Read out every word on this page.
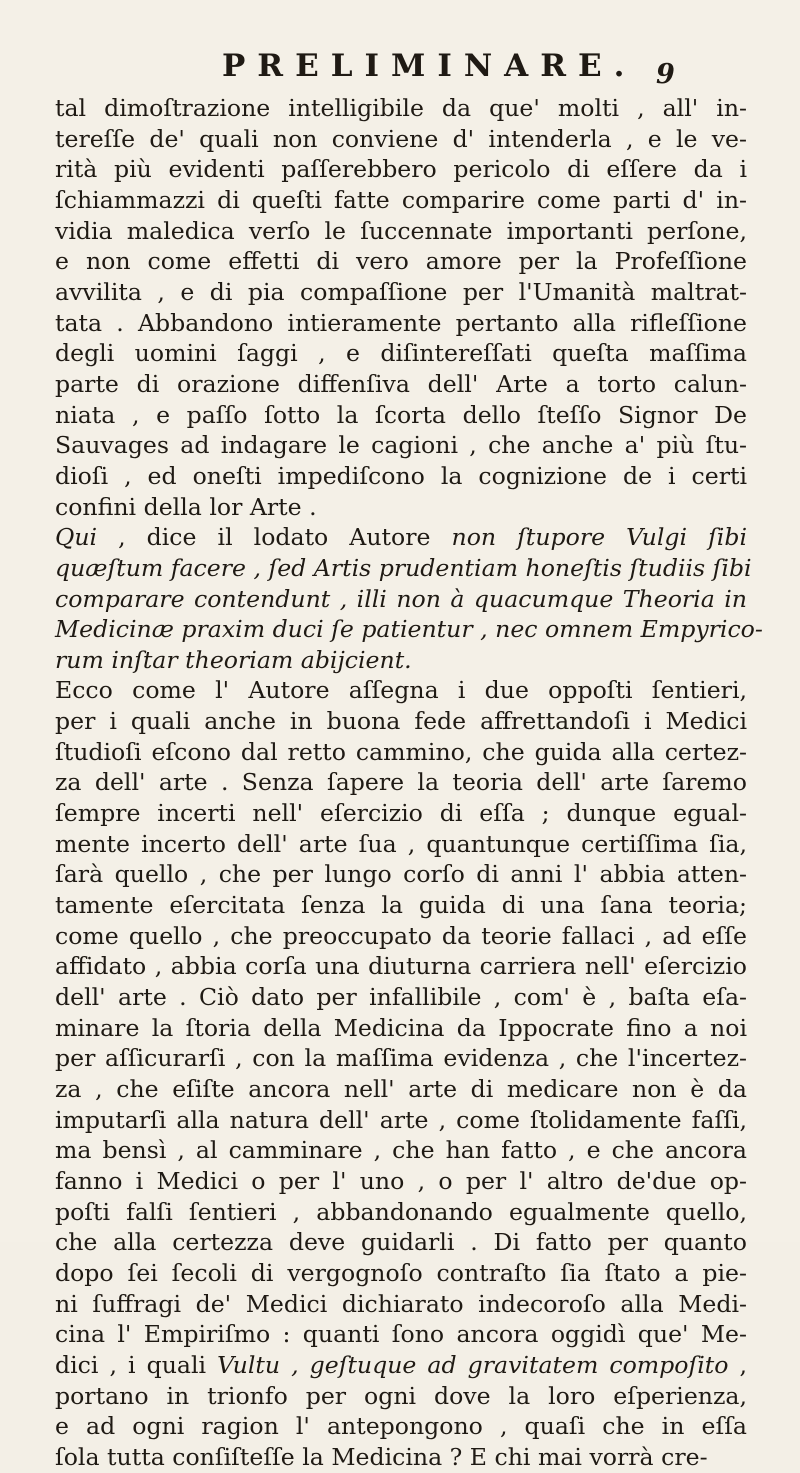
PRELIMINARE. 9
tal dimoſtrazione intelligibile da que' molti , all' in-
tereſſe de' quali non conviene d' intenderla , e le ve-
rità più evidenti paſſerebbero pericolo di eſſere da i
ſchiammazzi di queſti fatte comparire come parti d' in-
vidia maledica verſo le ſuccennate importanti perſone,
e non come effetti di vero amore per la Profeſſione
avvilita , e di pia compaſſione per l'Umanità maltrat-
tata . Abbandono intieramente pertanto alla rifleſſione
degli uomini ſaggi , e diſintereſſati queſta maſſima
parte di orazione diffenſiva dell' Arte a torto calun-
niata , e paſſo ſotto la ſcorta dello ſteſſo Signor De
Sauvages ad indagare le cagioni , che anche a' più ſtu-
dioſi , ed oneſti impediſcono la cognizione de i certi
confini della lor Arte .
Qui , dice il lodato Autore non ſtupore Vulgi ſibi
quæſtum facere , ſed Artis prudentiam honeſtis ſtudiis ſibi
comparare contendunt , illi non à quacumque Theoria in
Medicinæ praxim duci ſe patientur , nec omnem Empyrico-
rum inſtar theoriam abijcient.
Ecco come l' Autore aſſegna i due oppoſti ſentieri,
per i quali anche in buona fede affrettandoſi i Medici
ſtudioſi eſcono dal retto cammino, che guida alla certez-
za dell' arte . Senza ſapere la teoria dell' arte ſaremo
ſempre incerti nell' eſercizio di eſſa ; dunque egual-
mente incerto dell' arte ſua , quantunque certiſſima ſia,
ſarà quello , che per lungo corſo di anni l' abbia atten-
tamente eſercitata ſenza la guida di una ſana teoria;
come quello , che preoccupato da teorie fallaci , ad eſſe
affidato , abbia corſa una diuturna carriera nell' eſercizio
dell' arte . Ciò dato per infallibile , com' è , baſta eſa-
minare la ſtoria della Medicina da Ippocrate fino a noi
per aſſicurarſi , con la maſſima evidenza , che l'incertez-
za , che eſiſte ancora nell' arte di medicare non è da
imputarſi alla natura dell' arte , come ſtolidamente faſſi,
ma bensì , al camminare , che han fatto , e che ancora
fanno i Medici o per l' uno , o per l' altro de'due op-
poſti falſi ſentieri , abbandonando egualmente quello,
che alla certezza deve guidarli . Di fatto per quanto
dopo ſei ſecoli di vergognoſo contraſto ſia ſtato a pie-
ni ſuffragi de' Medici dichiarato indecoroſo alla Medi-
cina l' Empiriſmo : quanti ſono ancora oggidì que' Me-
dici , i quali Vultu , geſtuque ad gravitatem compoſito ,
portano in trionfo per ogni dove la loro eſperienza,
e ad ogni ragion l' antepongono , quaſi che in eſſa
ſola tutta conſiſteſſe la Medicina ? E chi mai vorrà cre-
